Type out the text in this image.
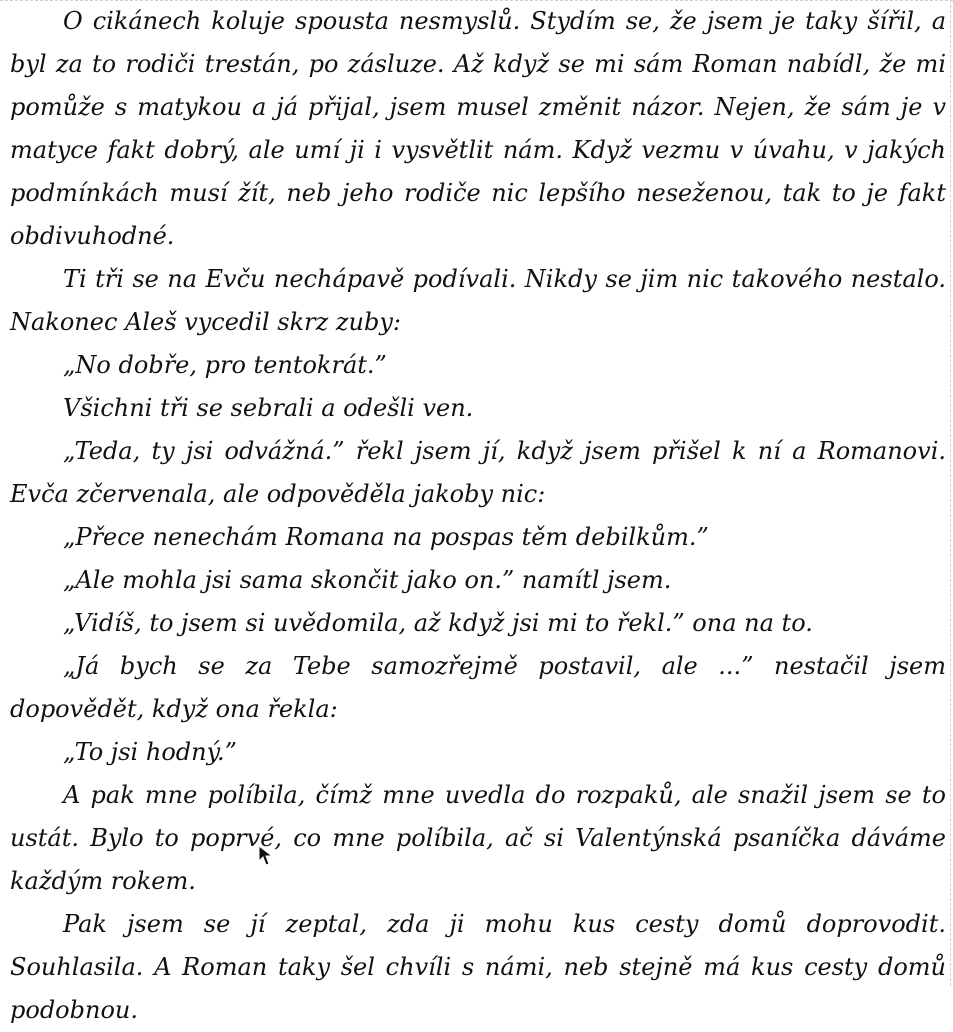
O cikánech koluje spousta nesmyslů. Stydím se, že jsem je taky šířil, a byl za to rodiči trestán, po zásluze. Až když se mi sám Roman nabídl, že mi pomůže s matykou a já přijal, jsem musel změnit názor. Nejen, že sám je v matyce fakt dobrý, ale umí ji i vysvětlit nám. Když vezmu v úvahu, v jakých podmínkách musí žít, neb jeho rodiče nic lepšího neseženou, tak to je fakt obdivuhodné.

Ti tři se na Evču nechápavě podívali. Nikdy se jim nic takového nestalo. Nakonec Aleš vycedil skrz zuby:

„No dobře, pro tentokrát.”

Všichni tři se sebrali a odešli ven.

„Teda, ty jsi odvážná.” řekl jsem jí, když jsem přišel k ní a Romanovi. Evča zčervenala, ale odpověděla jakoby nic:

„Přece nenechám Romana na pospas těm debilkům.”

„Ale mohla jsi sama skončit jako on.” namítl jsem.

„Vidíš, to jsem si uvědomila, až když jsi mi to řekl.” ona na to.

„Já bych se za Tebe samozřejmě postavil, ale ...” nestačil jsem dopovědět, když ona řekla:

„To jsi hodný.”

A pak mne políbila, čímž mne uvedla do rozpaků, ale snažil jsem se to ustát. Bylo to poprvé, co mne políbila, ač si Valentýnská psaníčka dáváme každým rokem.

Pak jsem se jí zeptal, zda ji mohu kus cesty domů doprovodit. Souhlasila. A Roman taky šel chvíli s námi, neb stejně má kus cesty domů podobnou.
